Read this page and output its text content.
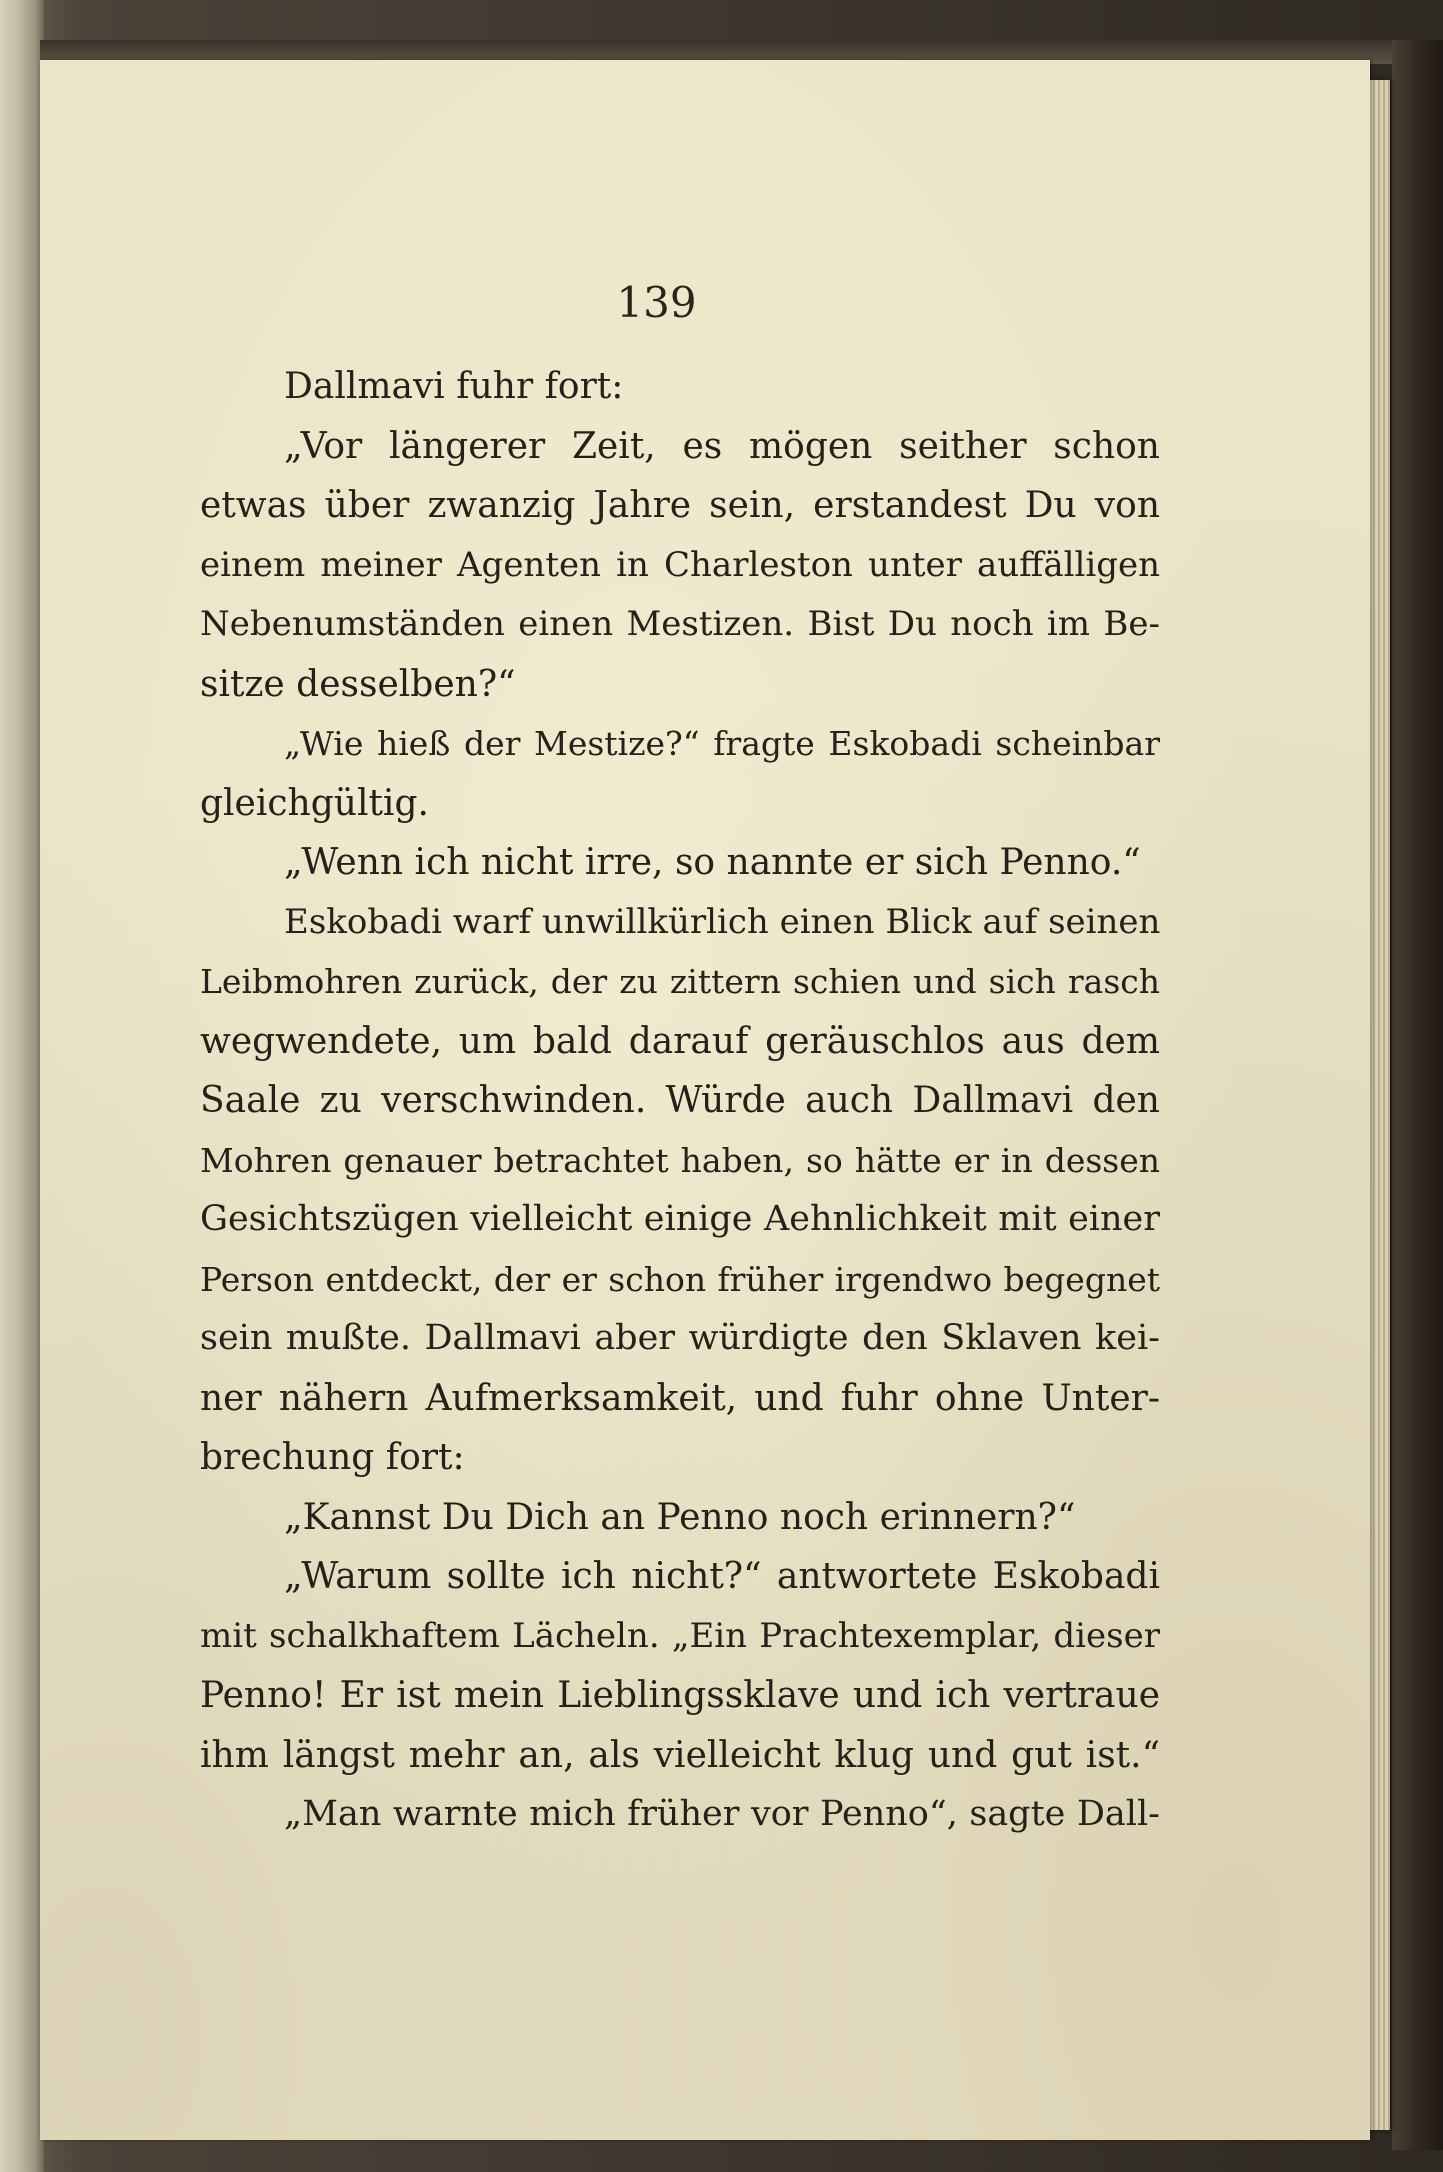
139
Dallmavi fuhr fort:
„Vor längerer Zeit, es mögen seither schon
etwas über zwanzig Jahre sein, erstandest Du von
einem meiner Agenten in Charleston unter auffälligen
Nebenumständen einen Mestizen. Bist Du noch im Be-
sitze desselben?“
„Wie hieß der Mestize?“ fragte Eskobadi scheinbar
gleichgültig.
„Wenn ich nicht irre, so nannte er sich Penno.“
Eskobadi warf unwillkürlich einen Blick auf seinen
Leibmohren zurück, der zu zittern schien und sich rasch
wegwendete, um bald darauf geräuschlos aus dem
Saale zu verschwinden. Würde auch Dallmavi den
Mohren genauer betrachtet haben, so hätte er in dessen
Gesichtszügen vielleicht einige Aehnlichkeit mit einer
Person entdeckt, der er schon früher irgendwo begegnet
sein mußte. Dallmavi aber würdigte den Sklaven kei-
ner nähern Aufmerksamkeit, und fuhr ohne Unter-
brechung fort:
„Kannst Du Dich an Penno noch erinnern?“
„Warum sollte ich nicht?“ antwortete Eskobadi
mit schalkhaftem Lächeln. „Ein Prachtexemplar, dieser
Penno! Er ist mein Lieblingssklave und ich vertraue
ihm längst mehr an, als vielleicht klug und gut ist.“
„Man warnte mich früher vor Penno“, sagte Dall-
